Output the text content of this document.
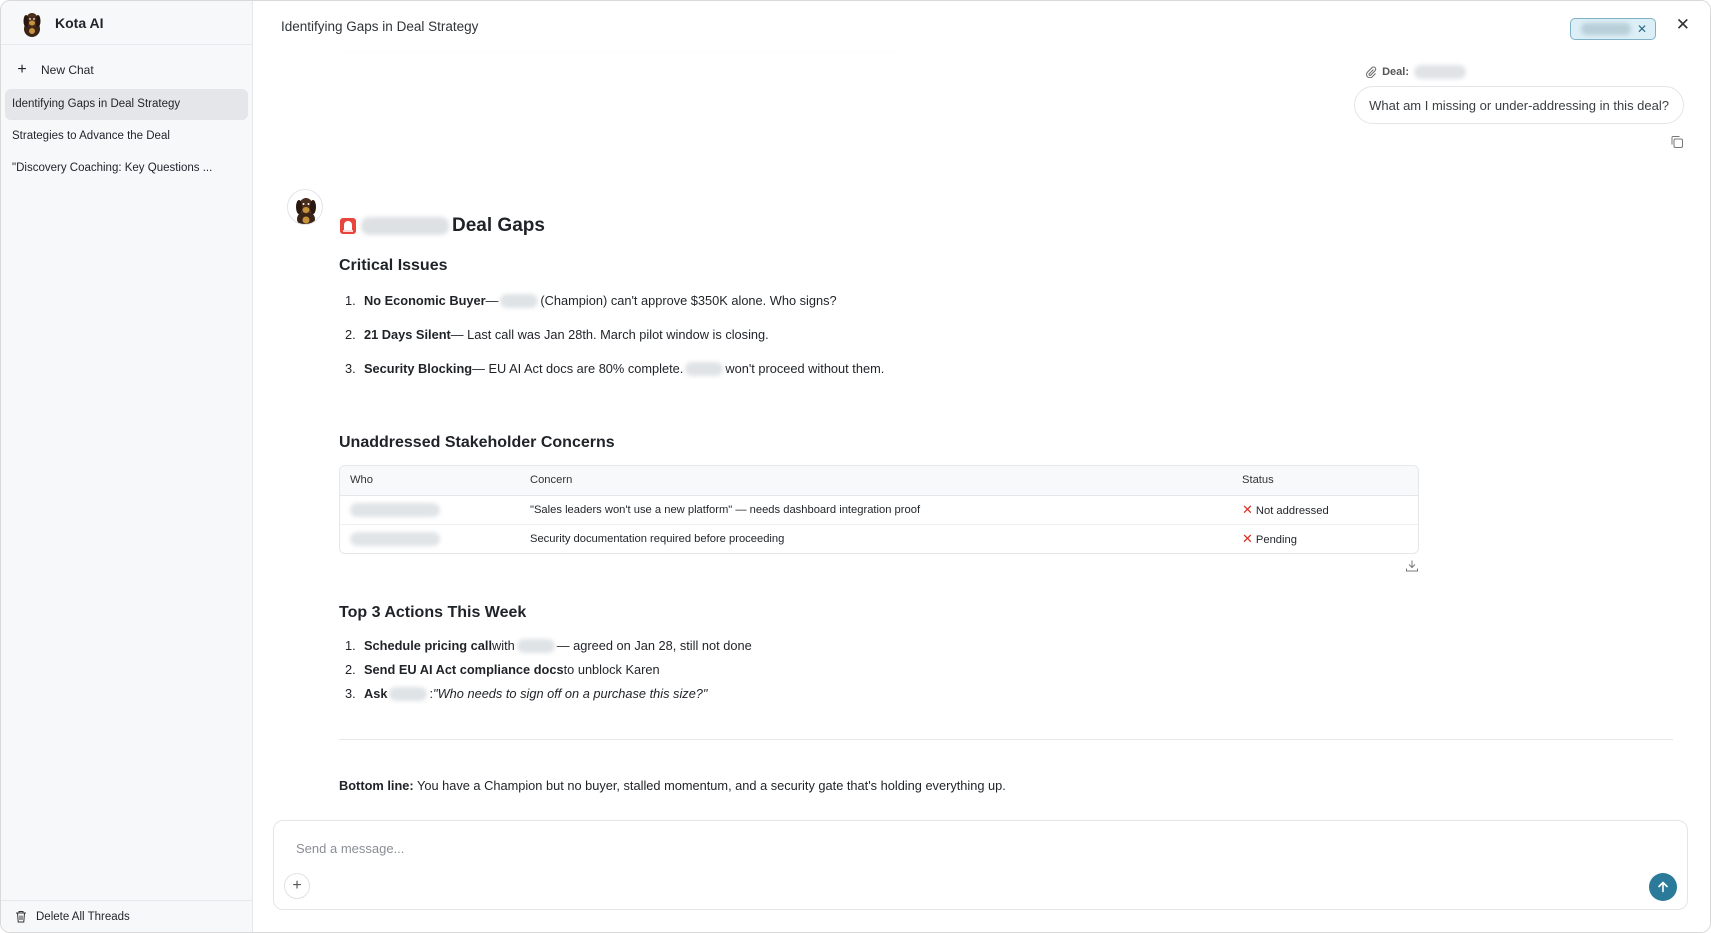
Kota AI
+	New Chat
Identifying Gaps in Deal Strategy
Strategies to Advance the Deal
"Discovery Coaching: Key Questions ...
Delete All Threads
Identifying Gaps in Deal Strategy	✕ ✕
Deal:
What am I missing or under-addressing in this deal?
Deal Gaps
Critical Issues
1. No Economic Buyer —	(Champion) can't approve $350K alone. Who signs?
2. 21 Days Silent — Last call was Jan 28th. March pilot window is closing.
3. Security Blocking — EU AI Act docs are 80% complete.	won't proceed without them.
Unaddressed Stakeholder Concerns
Who	Concern	Status
	"Sales leaders won't use a new platform" — needs dashboard integration proof	✕ Not addressed
	Security documentation required before proceeding	✕ Pending
Top 3 Actions This Week
1. Schedule pricing call with	— agreed on Jan 28, still not done
2. Send EU AI Act compliance docs to unblock Karen
3. Ask	: "Who needs to sign off on a purchase this size?"
Bottom line: You have a Champion but no buyer, stalled momentum, and a security gate that's holding everything up.
Send a message...
+
